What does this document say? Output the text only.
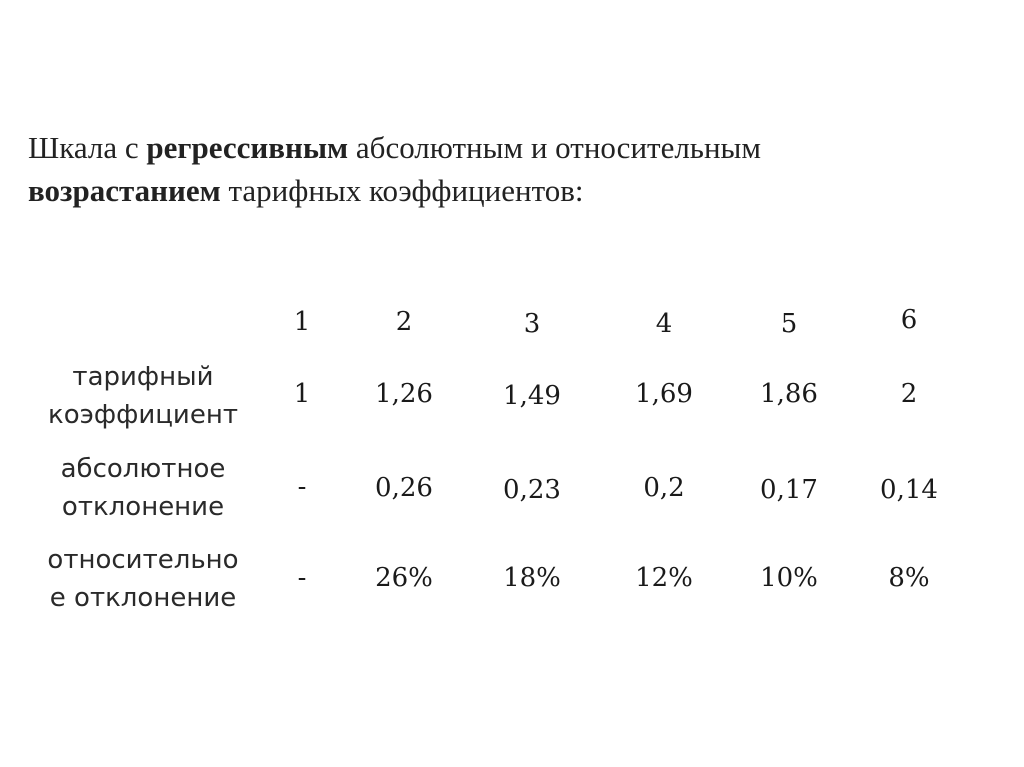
Шкала с регрессивным абсолютным и относительным
возрастанием тарифных коэффициентов:
1	2	3	4	5	6
тарифный
коэффициент
1	1,26	1,49	1,69	1,86	2
абсолютное
отклонение
-	0,26	0,23	0,2	0,17	0,14
относительно
е отклонение
-	26%	18%	12%	10%	8%
